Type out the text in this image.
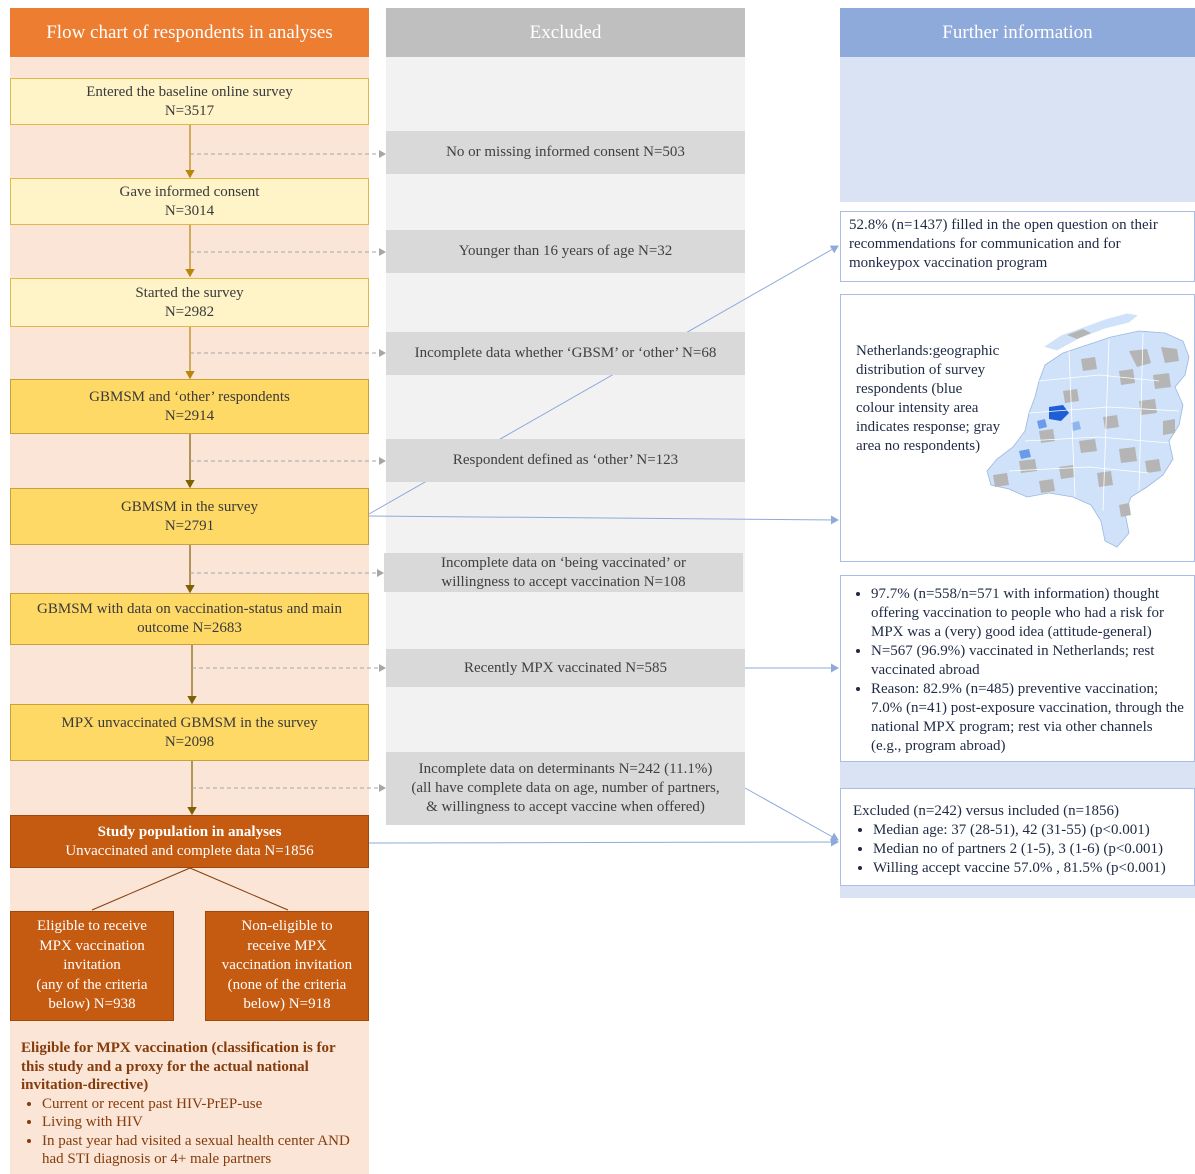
Flow chart of respondents in analyses	Excluded	Further information
Entered the baseline online survey
N=3517
Gave informed consent
N=3014
Started the survey
N=2982
GBMSM and ‘other’ respondents
N=2914
GBMSM in the survey
N=2791
GBMSM with data on vaccination-status and main
outcome N=2683
MPX unvaccinated GBMSM in the survey
N=2098
Study population in analyses
Unvaccinated and complete data N=1856
Eligible to receive
MPX vaccination
invitation
(any of the criteria
below) N=938
Non-eligible to
receive MPX
vaccination invitation
(none of the criteria
below) N=918
Eligible for MPX vaccination (classification is for this study and a proxy for the actual national invitation-directive)
• Current or recent past HIV-PrEP-use
• Living with HIV
• In past year had visited a sexual health center AND had STI diagnosis or 4+ male partners
No or missing informed consent N=503
Younger than 16 years of age N=32
Incomplete data whether ‘GBSM’ or ‘other’ N=68
Respondent defined as ‘other’ N=123
Incomplete data on ‘being vaccinated’ or
willingness to accept vaccination N=108
Recently MPX vaccinated N=585
Incomplete data on determinants N=242 (11.1%)
(all have complete data on age, number of partners,
& willingness to accept vaccine when offered)
52.8% (n=1437) filled in the open question on their recommendations for communication and for monkeypox vaccination program
Netherlands:geographic
distribution of survey
respondents (blue
colour intensity area
indicates response; gray
area no respondents)
• 97.7% (n=558/n=571 with information) thought offering vaccination to people who had a risk for MPX was a (very) good idea (attitude-general)
• N=567 (96.9%) vaccinated in Netherlands; rest vaccinated abroad
• Reason: 82.9% (n=485) preventive vaccination; 7.0% (n=41) post-exposure vaccination, through the national MPX program; rest via other channels (e.g., program abroad)
Excluded (n=242) versus included (n=1856)
• Median age: 37 (28-51), 42 (31-55) (p<0.001)
• Median no of partners 2 (1-5), 3 (1-6) (p<0.001)
• Willing accept vaccine 57.0% , 81.5% (p<0.001)
